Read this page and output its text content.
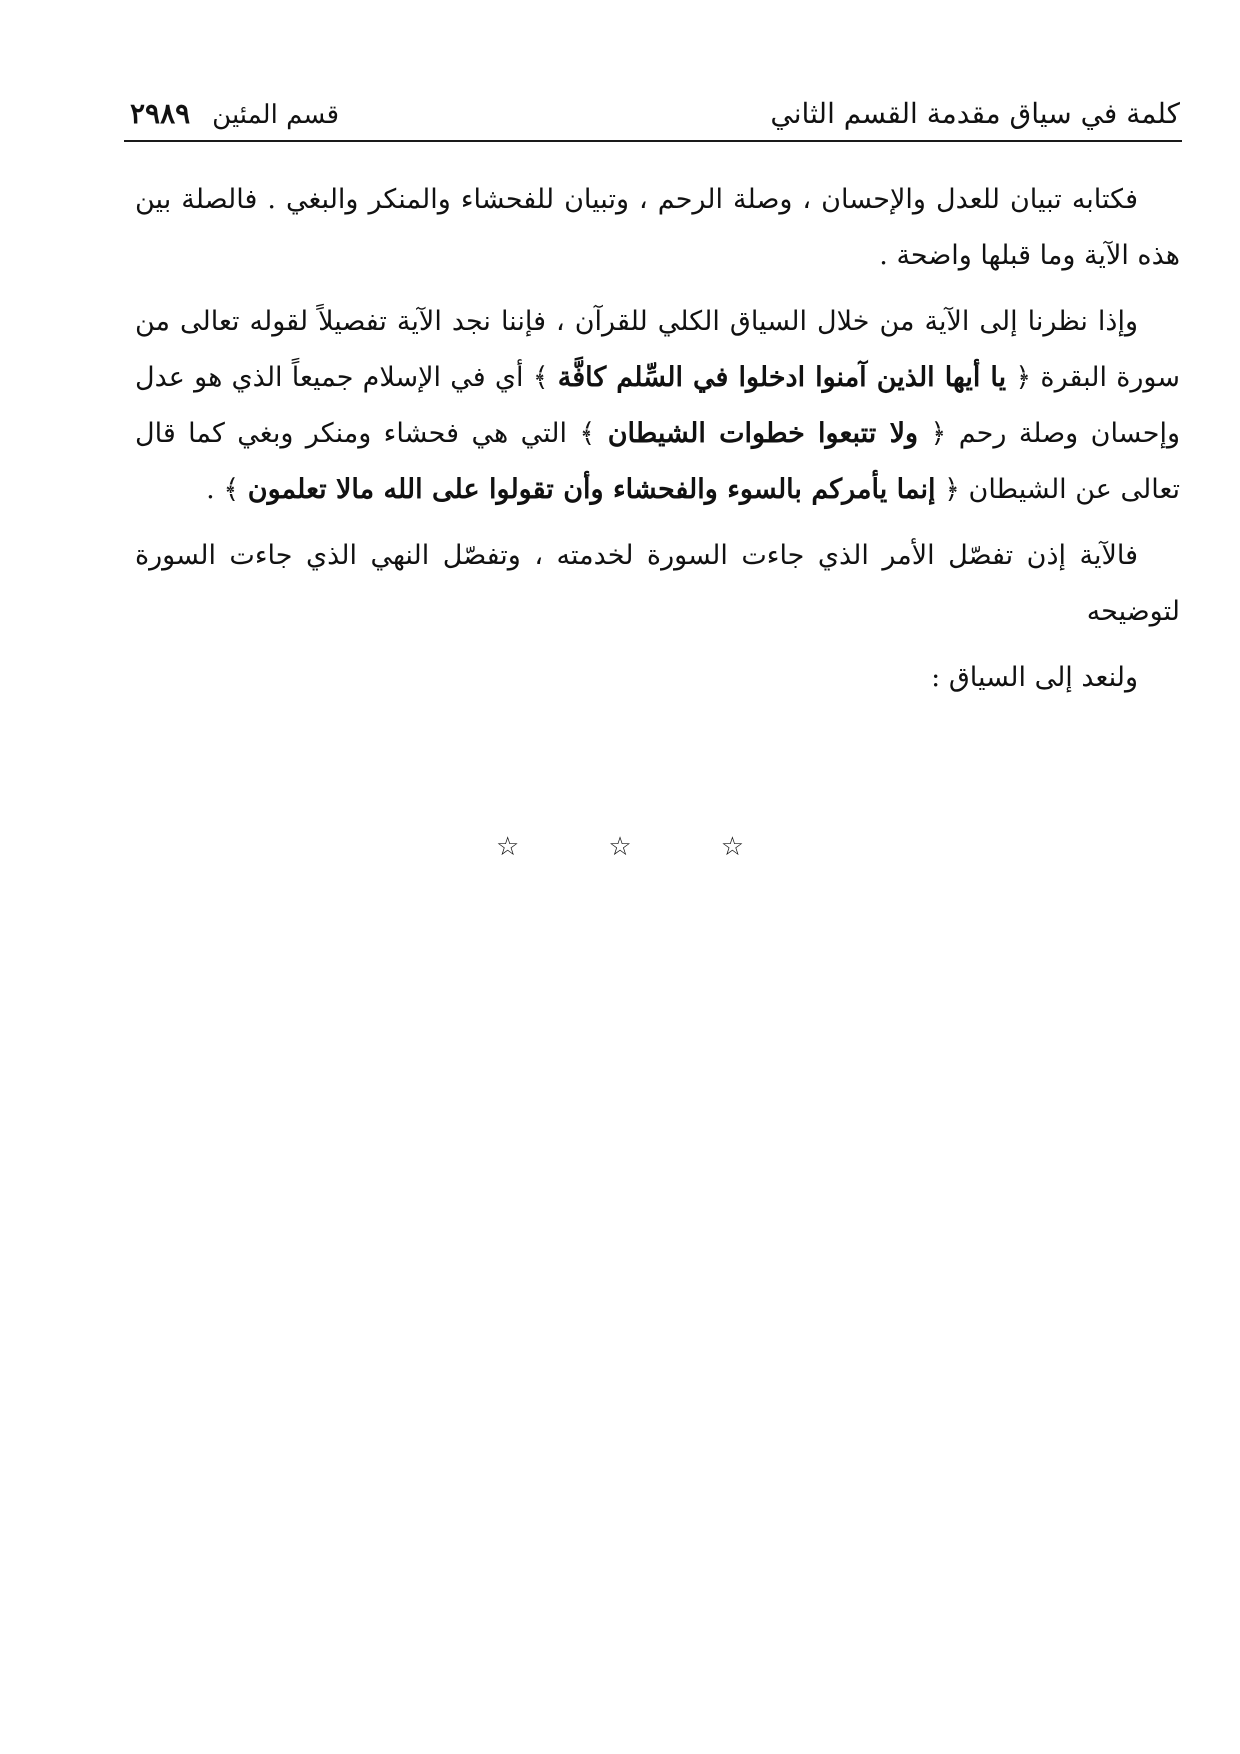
كلمة في سياق مقدمة القسم الثاني
قسم المئين٢٩٨٩

فكتابه تبيان للعدل والإحسان ، وصلة الرحم ، وتبيان للفحشاء والمنكر والبغي . فالصلة بين هذه الآية وما قبلها واضحة .

وإذا نظرنا إلى الآية من خلال السياق الكلي للقرآن ، فإننا نجد الآية تفصيلاً لقوله تعالى من سورة البقرة ﴿ يا أيها الذين آمنوا ادخلوا في السِّلم كافَّة ﴾ أي في الإسلام جميعاً الذي هو عدل وإحسان وصلة رحم ﴿ ولا تتبعوا خطوات الشيطان ﴾ التي هي فحشاء ومنكر وبغي كما قال تعالى عن الشيطان ﴿ إنما يأمركم بالسوء والفحشاء وأن تقولوا على الله مالا تعلمون ﴾ .

فالآية إذن تفصّل الأمر الذي جاءت السورة لخدمته ، وتفصّل النهي الذي جاءت السورة لتوضيحه

ولنعد إلى السياق :

☆	☆	☆
